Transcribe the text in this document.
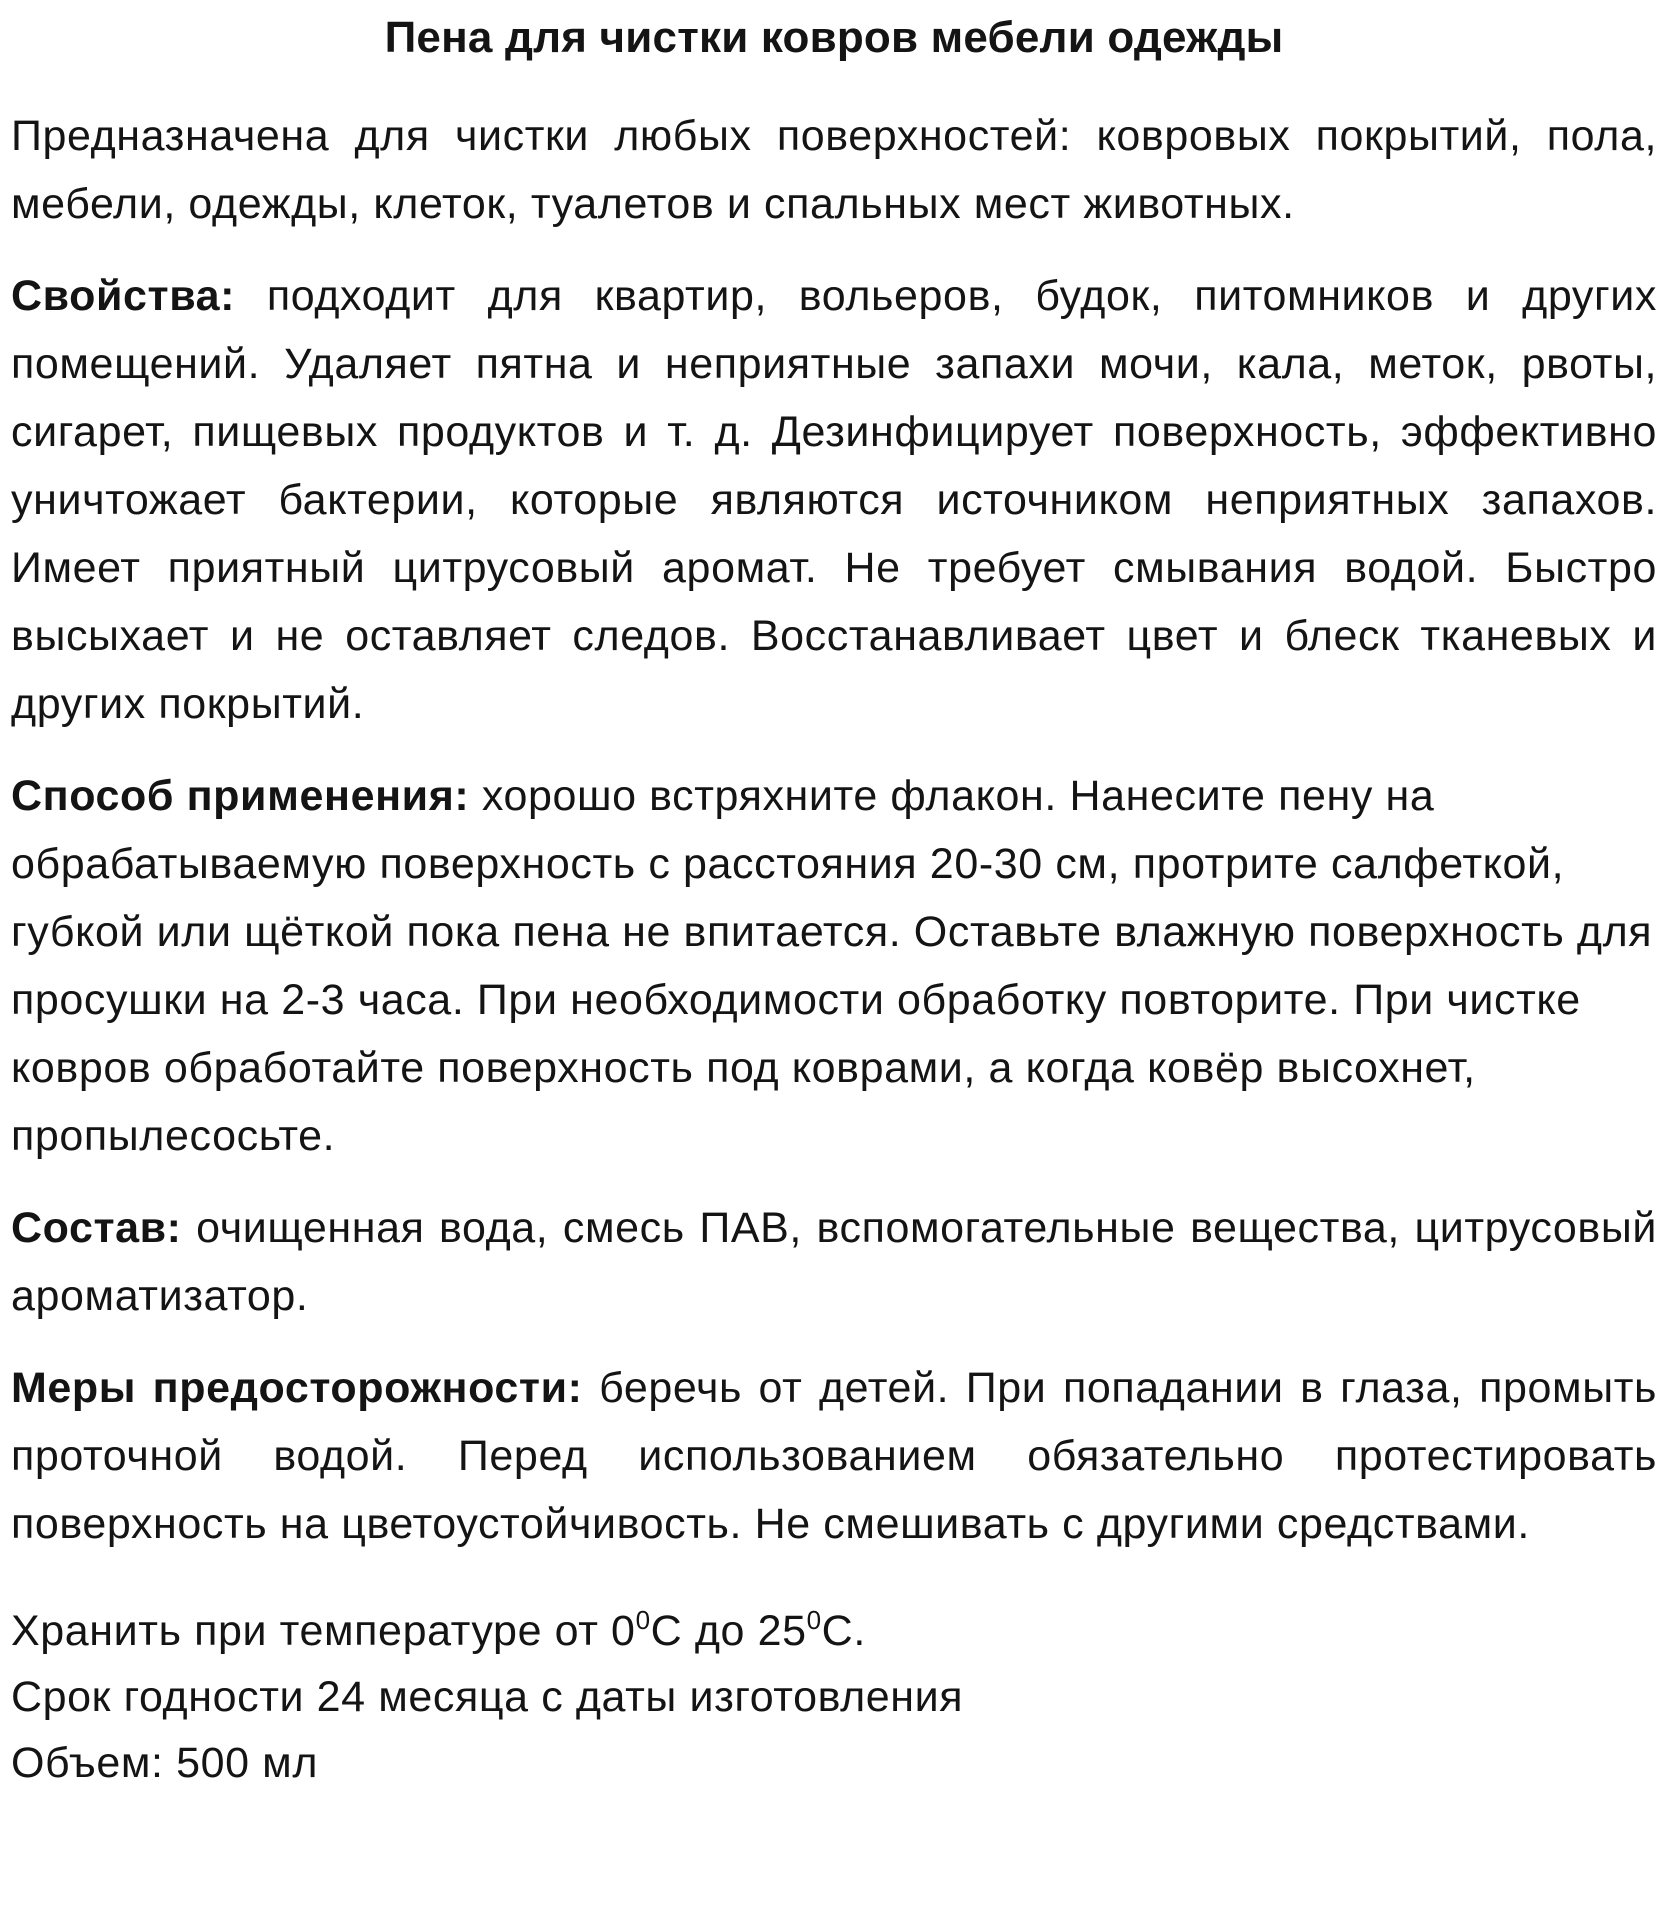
Пена для чистки ковров мебели одежды

Предназначена для чистки любых поверхностей: ковровых покрытий, пола, мебели, одежды, клеток, туалетов и спальных мест животных.

Свойства: подходит для квартир, вольеров, будок, питомников и других помещений. Удаляет пятна и неприятные запахи мочи, кала, меток, рвоты, сигарет, пищевых продуктов и т. д. Дезинфицирует поверхность, эффективно уничтожает бактерии, которые являются источником неприятных запахов. Имеет приятный цитрусовый аромат. Не требует смывания водой. Быстро высыхает и не оставляет следов. Восстанавливает цвет и блеск тканевых и других покрытий.

Способ применения: хорошо встряхните флакон. Нанесите пену на обрабатываемую поверхность с расстояния 20-30 см, протрите салфеткой, губкой или щёткой пока пена не впитается. Оставьте влажную поверхность для просушки на 2-3 часа. При необходимости обработку повторите. При чистке ковров обработайте поверхность под коврами, а когда ковёр высохнет, пропылесосьте.

Состав: очищенная вода, смесь ПАВ, вспомогательные вещества, цитрусовый ароматизатор.

Меры предосторожности: беречь от детей. При попадании в глаза, промыть проточной водой. Перед использованием обязательно протестировать поверхность на цветоустойчивость. Не смешивать с другими средствами.

Хранить при температуре от $0^0С$ до $25^0С$.
Срок годности 24 месяца с даты изготовления
Объем: 500 мл
